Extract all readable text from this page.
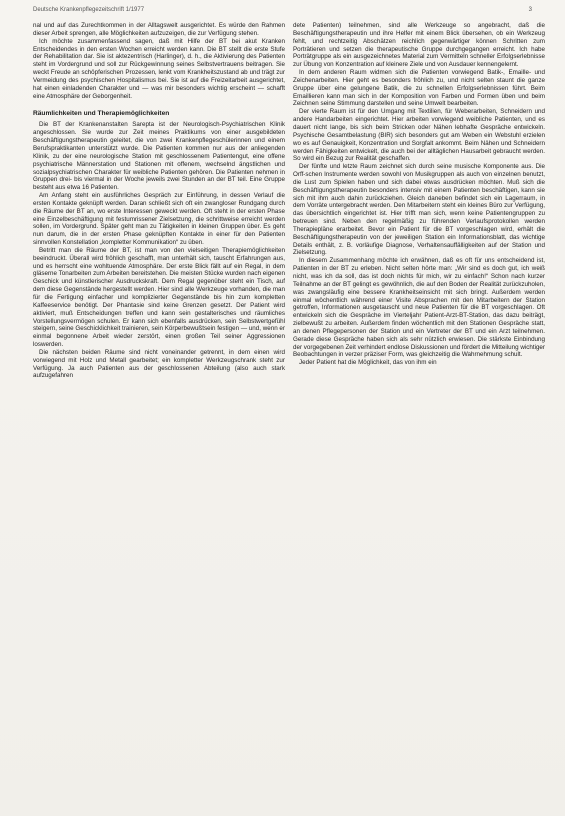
Deutsche Krankenpflegezeitschrift 1/1977	3

nal und auf das Zurechtkommen in der Alltagswelt ausgerichtet. Es würde den Rahmen dieser Arbeit sprengen, alle Möglichkeiten aufzuzeigen, die zur Verfügung stehen.

Ich möchte zusammenfassend sagen, daß mit Hilfe der BT bei akut Kranken Entscheidendes in den ersten Wochen erreicht werden kann. Die BT stellt die erste Stufe der Rehabilitation dar. Sie ist aktezentrisch (Harlinger), d. h., die Aktivierung des Patienten steht im Vordergrund und soll zur Rückgewinnung seines Selbstvertrauens beitragen. Sie weckt Freude an schöpferischen Prozessen, lenkt vom Krankheitszustand ab und trägt zur Vermeidung des psychischen Hospitalismus bei. Sie ist auf die Freizeitarbeit ausgerichtet, hat einen einladenden Charakter und — was mir besonders wichtig erscheint — schafft eine Atmosphäre der Geborgenheit.

Räumlichkeiten und Therapiemöglichkeiten

Die BT der Krankenanstalten Sarepta ist der Neurologisch-Psychiatrischen Klinik angeschlossen. Sie wurde zur Zeit meines Praktikums von einer ausgebildeten Beschäftigungstherapeutin geleitet, die von zwei Krankenpflegeschülerinnen und einem Berufspraktikanten unterstützt wurde. Die Patienten kommen nur aus der anliegenden Klinik, zu der eine neurologische Station mit geschlossenem Patientengut, eine offene psychiatrische Männerstation und Stationen mit offenem, wechselnd ängstlichen und sozialpsychiatrischen Charakter für weibliche Patienten gehören. Die Patienten nehmen in Gruppen drei- bis viermal in der Woche jeweils zwei Stunden an der BT teil. Eine Gruppe besteht aus etwa 16 Patienten.

Am Anfang steht ein ausführliches Gespräch zur Einführung, in dessen Verlauf die ersten Kontakte geknüpft werden. Daran schließt sich oft ein zwangloser Rundgang durch die Räume der BT an, wo erste Interessen geweckt werden. Oft steht in der ersten Phase eine Einzelbeschäftigung mit festumrissener Zielsetzung, die schrittweise erreicht werden sollen, im Vordergrund. Später geht man zu Tätigkeiten in kleinen Gruppen über. Es geht nun darum, die in der ersten Phase geknüpften Kontakte in einer für den Patienten sinnvollen Konstellation „kompletter Kommunikation“ zu üben.

Betritt man die Räume der BT, ist man von den vielseitigen Therapiemöglichkeiten beeindruckt. Überall wird fröhlich geschafft, man unterhält sich, tauscht Erfahrungen aus, und es herrscht eine wohltuende Atmosphäre. Der erste Blick fällt auf ein Regal, in dem gläserne Tonarbeiten zum Arbeiten bereitstehen. Die meisten Stücke wurden nach eigenen Geschick und künstlerischer Ausdruckskraft. Dem Regal gegenüber steht ein Tisch, auf dem diese Gegenstände hergestellt werden. Hier sind alle Werkzeuge vorhanden, die man für die Fertigung einfacher und komplizierter Gegenstände bis hin zum kompletten Kaffeeservice benötigt. Der Phantasie sind keine Grenzen gesetzt. Der Patient wird aktiviert, muß Entscheidungen treffen und kann sein gestalterisches und räumliches Vorstellungsvermögen schulen. Er kann sich ebenfalls ausdrücken, sein Selbstwertgefühl steigern, seine Geschicklichkeit trainieren, sein Körperbewußtsein festigen — und, wenn er einmal begonnene Arbeit wieder zerstört, einen großen Teil seiner Aggressionen loswerden.

Die nächsten beiden Räume sind nicht voneinander getrennt, in dem einen wird vorwiegend mit Holz und Metall gearbeitet; ein kompletter Werkzeugschrank steht zur Verfügung. Ja auch Patienten aus der geschlossenen Abteilung (also auch stark aufzugefahren

dete Patienten) teilnehmen, sind alle Werkzeuge so angebracht, daß die Beschäftigungstherapeutin und ihre Helfer mit einem Blick übersehen, ob ein Werkzeug fehlt, und rechtzeitig Abschätzen reichlich gegenwärtiger können Schritten zum Porträtieren und setzen die therapeutische Gruppe durchgegangen erreicht. Ich habe Porträtgruppe als ein ausgezeichnetes Material zum Vermitteln schneller Erfolgserlebnisse zur Übung von Konzentration auf kleinere Ziele und von Ausdauer kennengelernt.

In dem anderen Raum widmen sich die Patienten vorwiegend Batik-, Emaille- und Zeichenarbeiten. Hier geht es besonders fröhlich zu, und nicht selten staunt die ganze Gruppe über eine gelungene Batik, die zu schnellen Erfolgserlebnissen führt. Beim Emaillieren kann man sich in der Komposition von Farben und Formen üben und beim Zeichnen seine Stimmung darstellen und seine Umwelt bearbeiten.

Der vierte Raum ist für den Umgang mit Textilien, für Weberarbeiten, Schneidern und andere Handarbeiten eingerichtet. Hier arbeiten vorwiegend weibliche Patienten, und es dauert nicht lange, bis sich beim Stricken oder Nähen lebhafte Gespräche entwickeln. Psychische Gesamtbelastung (BIR) sich besonders gut am Weben ein Webstuhl erzielen wo es auf Genauigkeit, Konzentration und Sorgfalt ankommt. Beim Nähen und Schneidern werden Fähigkeiten entwickelt, die auch bei der alltäglichen Hausarbeit gebraucht werden. So wird ein Bezug zur Realität geschaffen.

Der fünfte und letzte Raum zeichnet sich durch seine musische Komponente aus. Die Orff-schen Instrumente werden sowohl von Musikgruppen als auch von einzelnen benutzt, die Lust zum Spielen haben und sich dabei etwas ausdrücken möchten. Muß sich die Beschäftigungstherapeutin besonders intensiv mit einem Patienten beschäftigen, kann sie sich mit ihm auch dahin zurückziehen. Gleich daneben befindet sich ein Lagerraum, in dem Vorräte untergebracht werden. Den Mitarbeitern steht ein kleines Büro zur Verfügung, das übersichtlich eingerichtet ist. Hier trifft man sich, wenn keine Patientengruppen zu betreuen sind. Neben den regelmäßig zu führenden Verlaufsprotokollen werden Therapiepläne erarbeitet. Bevor ein Patient für die BT vorgeschlagen wird, erhält die Beschäftigungstherapeutin von der jeweiligen Station ein Informationsblatt, das wichtige Details enthält, z. B. vorläufige Diagnose, Verhaltensauffälligkeiten auf der Station und Zielsetzung.

In diesem Zusammenhang möchte ich erwähnen, daß es oft für uns entscheidend ist, Patienten in der BT zu erleben. Nicht selten hörte man: „Wir sind es doch gut, ich weiß nicht, was ich da soll, das ist doch nichts für mich, wir zu einfach!“ Schon nach kurzer Teilnahme an der BT gelingt es gewöhnlich, die auf den Boden der Realität zurückzuholen, was zwangsläufig eine bessere Krankheitseinsicht mit sich bringt. Außerdem werden einmal wöchentlich während einer Visite Absprachen mit den Mitarbeitern der Station getroffen, Informationen ausgetauscht und neue Patienten für die BT vorgeschlagen. Oft entwickeln sich die Gespräche im Vierteljahr Patient-Arzt-BT-Station, das dazu beiträgt, zielbewußt zu arbeiten. Außerdem finden wöchentlich mit den Stationen Gespräche statt, an denen Pflegepersonen der Station und ein Vertreter der BT und ein Arzt teilnehmen. Gerade diese Gespräche haben sich als sehr nützlich erwiesen. Die stärkste Einbindung der vorgegebenen Zeit verhindert endlose Diskussionen und fördert die Mitteilung wichtiger Beobachtungen in verzer präziser Form, was gleichzeitig die Wahrnehmung schult.

Jeder Patient hat die Möglichkeit, das von ihm ein
